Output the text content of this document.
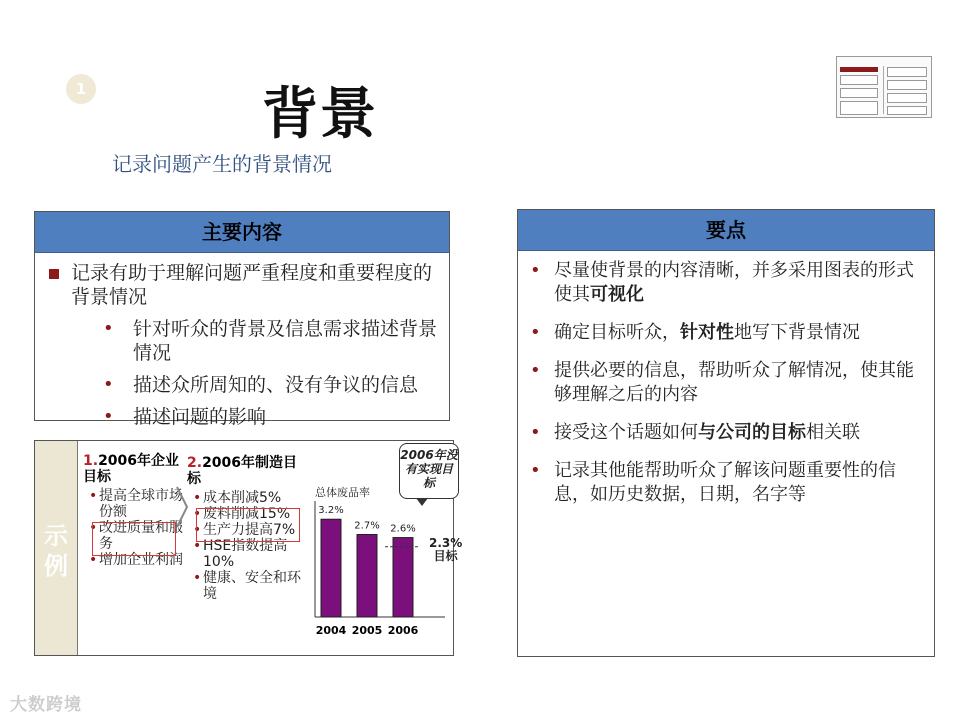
1	背景
记录问题产生的背景情况
主要内容
记录有助于理解问题严重程度和重要程度的背景情况
• 针对听众的背景及信息需求描述背景情况
• 描述众所周知的、没有争议的信息
• 描述问题的影响
要点
• 尽量使背景的内容清晰，并多采用图表的形式使其可视化
• 确定目标听众，针对性地写下背景情况
• 提供必要的信息，帮助听众了解情况，使其能够理解之后的内容
• 接受这个话题如何与公司的目标相关联
• 记录其他能帮助听众了解该问题重要性的信息，如历史数据，日期，名字等
示例
1.2006年企业目标
• 提高全球市场份额
• 改进质量和服务
• 增加企业利润
2.2006年制造目标
• 成本削减5%
• 废料削减15%
• 生产力提高7%
• HSE指数提高10%
• 健康、安全和环境
2006年没有实现目标
总体废品率
3.2%
2004
2.7%
2005
2.6%
2006
2.3%
目标
大数跨境
